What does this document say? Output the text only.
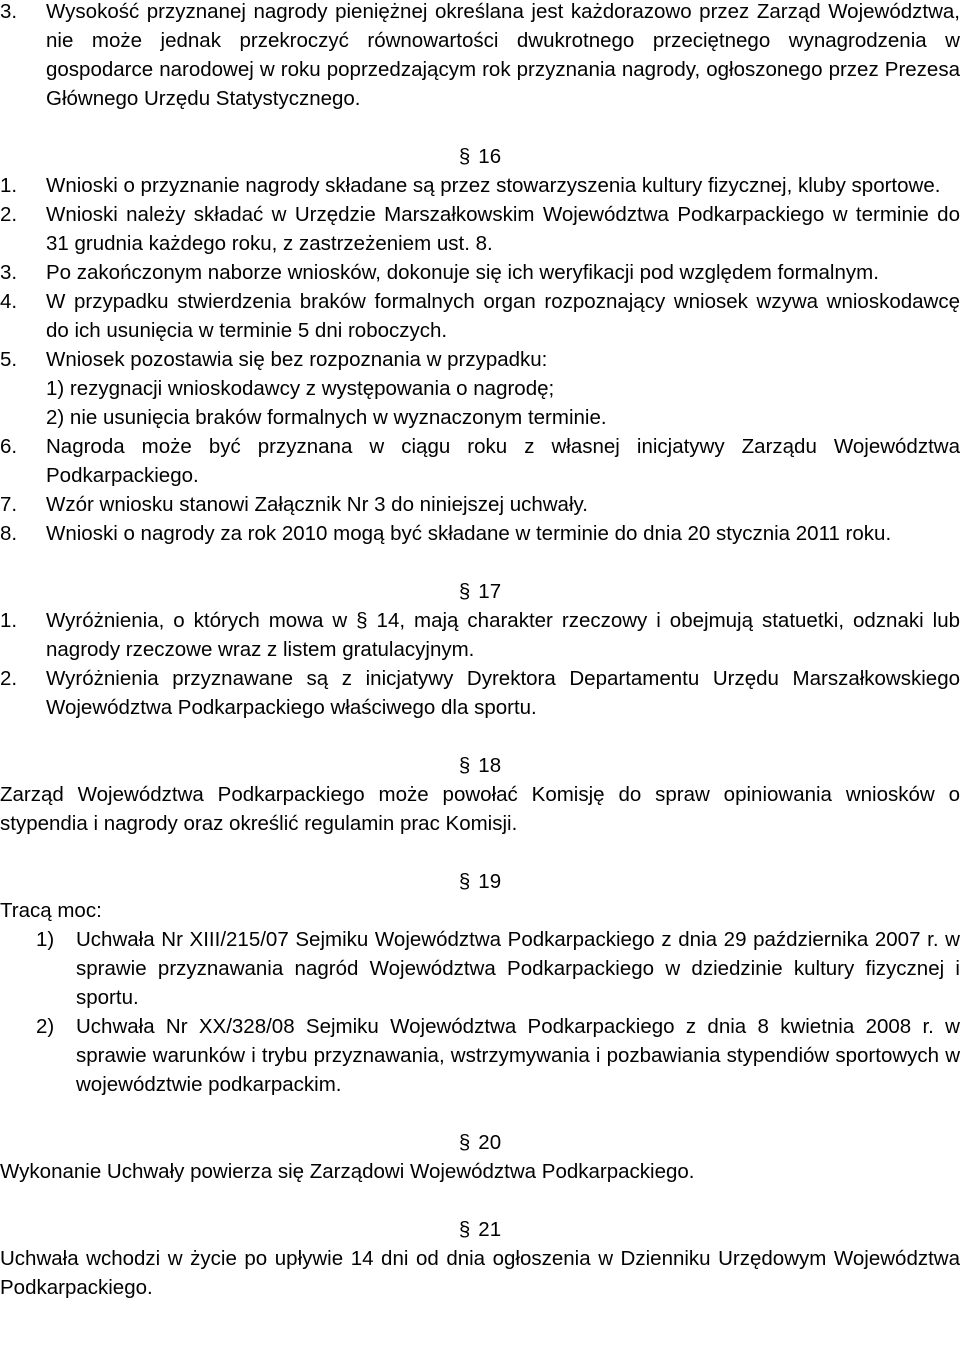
3.	Wysokość przyznanej nagrody pieniężnej określana jest każdorazowo przez Zarząd Województwa, nie może jednak przekroczyć równowartości dwukrotnego przeciętnego wynagrodzenia w gospodarce narodowej w roku poprzedzającym rok przyznania nagrody, ogłoszonego przez Prezesa Głównego Urzędu Statystycznego.
§ 16
1.	Wnioski o przyznanie nagrody składane są przez stowarzyszenia kultury fizycznej, kluby sportowe.
2.	Wnioski należy składać w Urzędzie Marszałkowskim Województwa Podkarpackiego w terminie do 31 grudnia każdego roku, z zastrzeżeniem ust. 8.
3.	Po zakończonym naborze wniosków, dokonuje się ich weryfikacji pod względem formalnym.
4.	W przypadku stwierdzenia braków formalnych organ rozpoznający wniosek wzywa wnioskodawcę do ich usunięcia w terminie 5 dni roboczych.
5.	Wniosek pozostawia się bez rozpoznania w przypadku:
1) rezygnacji wnioskodawcy z występowania o nagrodę;
2) nie usunięcia braków formalnych w wyznaczonym terminie.
6.	Nagroda może być przyznana w ciągu roku z własnej inicjatywy Zarządu Województwa Podkarpackiego.
7.	Wzór wniosku stanowi Załącznik Nr 3 do niniejszej uchwały.
8.	Wnioski o nagrody za rok 2010 mogą być składane w terminie do dnia 20 stycznia 2011 roku.
§ 17
1.	Wyróżnienia, o których mowa w § 14, mają charakter rzeczowy i obejmują statuetki, odznaki lub nagrody rzeczowe wraz z listem gratulacyjnym.
2.	Wyróżnienia przyznawane są z inicjatywy Dyrektora Departamentu Urzędu Marszałkowskiego Województwa Podkarpackiego właściwego dla sportu.
§ 18
Zarząd Województwa Podkarpackiego może powołać Komisję do spraw opiniowania wniosków o stypendia i nagrody oraz określić regulamin prac Komisji.
§ 19
Tracą moc:
1)	Uchwała Nr XIII/215/07 Sejmiku Województwa Podkarpackiego z dnia 29 października 2007 r. w sprawie przyznawania nagród Województwa Podkarpackiego w dziedzinie kultury fizycznej i sportu.
2)	Uchwała Nr XX/328/08 Sejmiku Województwa Podkarpackiego z dnia 8 kwietnia 2008 r. w sprawie warunków i trybu przyznawania, wstrzymywania i pozbawiania stypendiów sportowych w województwie podkarpackim.
§ 20
Wykonanie Uchwały powierza się Zarządowi Województwa Podkarpackiego.
§ 21
Uchwała wchodzi w życie po upływie 14 dni od dnia ogłoszenia w Dzienniku Urzędowym Województwa Podkarpackiego.
